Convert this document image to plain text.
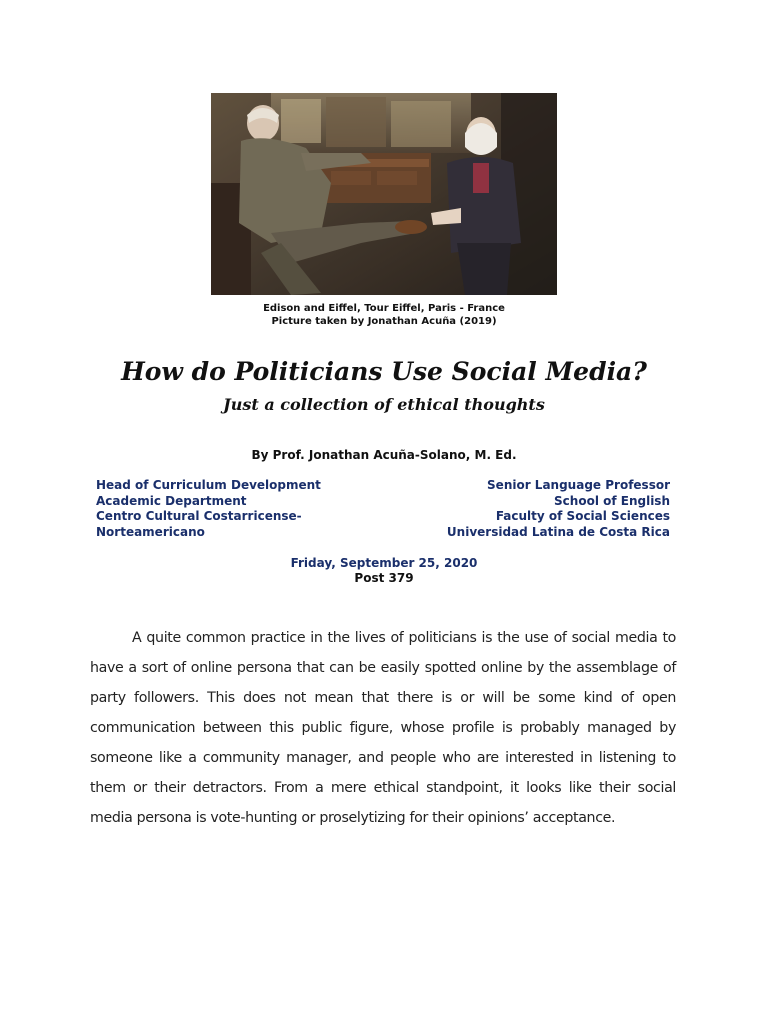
Edison and Eiffel, Tour Eiffel, Paris - France
Picture taken by Jonathan Acuña (2019)
How do Politicians Use Social Media?
Just a collection of ethical thoughts
By Prof. Jonathan Acuña-Solano, M. Ed.
Head of Curriculum Development
Academic Department
Centro Cultural Costarricense-
Norteamericano
Senior Language Professor
School of English
Faculty of Social Sciences
Universidad Latina de Costa Rica
Friday, September 25, 2020
Post 379

A quite common practice in the lives of politicians is the use of social media to have a sort of online persona that can be easily spotted online by the assemblage of party followers. This does not mean that there is or will be some kind of open communication between this public figure, whose profile is probably managed by someone like a community manager, and people who are interested in listening to them or their detractors. From a mere ethical standpoint, it looks like their social media persona is vote-hunting or proselytizing for their opinions’ acceptance.
